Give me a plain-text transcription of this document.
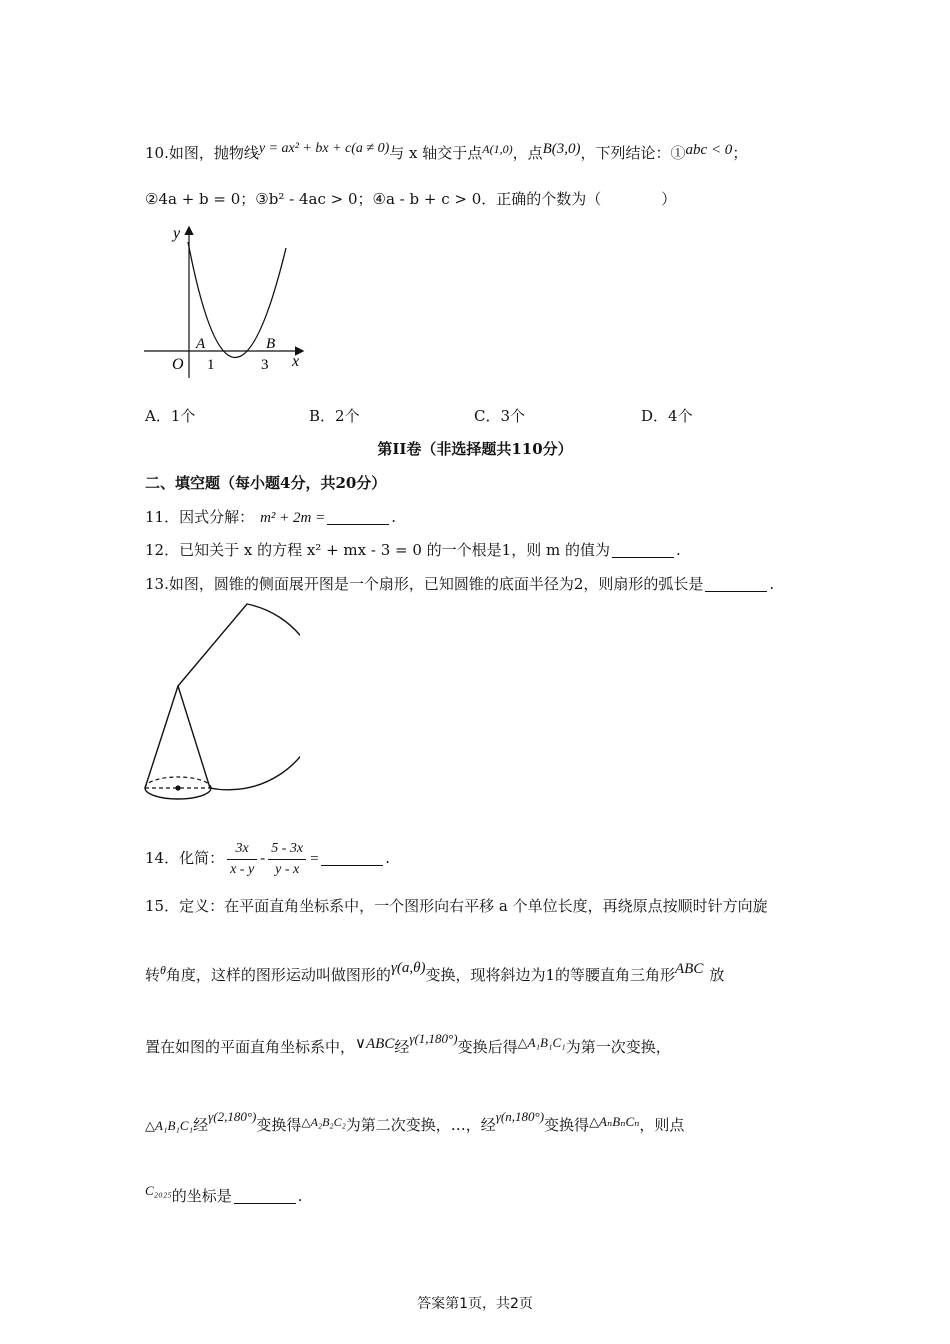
10.如图，抛物线y = ax² + bx + c(a ≠ 0)与 x 轴交于点$^{A(1,0)}$，点B(3,0)，下列结论：①abc < 0；
②4a + b = 0；③b² - 4ac > 0；④a - b + c > 0．正确的个数为（　　　　）
y
x
O
A	B
1	3
A．1个	B．2个	C．3个	D．4个
第II卷（非选择题共110分）
二、填空题（每小题4分，共20分）
11．因式分解： m² + 2m =	.
12．已知关于 x 的方程 x² + mx - 3 = 0 的一个根是1，则 m 的值为	.
13.如图，圆锥的侧面展开图是一个扇形，已知圆锥的底面半径为2，则扇形的弧长是	.
14．化简： $\frac{3x}{x - y} - \frac{5 - 3x}{y - x}$ =	.
15．定义：在平面直角坐标系中，一个图形向右平移 a 个单位长度，再绕原点按顺时针方向旋
转$^\theta$角度，这样的图形运动叫做图形的γ(a,θ)变换，现将斜边为1的等腰直角三角形ABC 放
置在如图的平面直角坐标系中，∨ABC经γ(1,180°)变换后得△A₁B₁C₁为第一次变换，
△A₁B₁C₁经γ(2,180°)变换得$^{\triangle A_2B_2C_2}$为第二次变换，…，经γ(n,180°)变换得△AₙBₙCₙ，则点
C₂₀₂₅的坐标是	.
答案第1页，共2页
